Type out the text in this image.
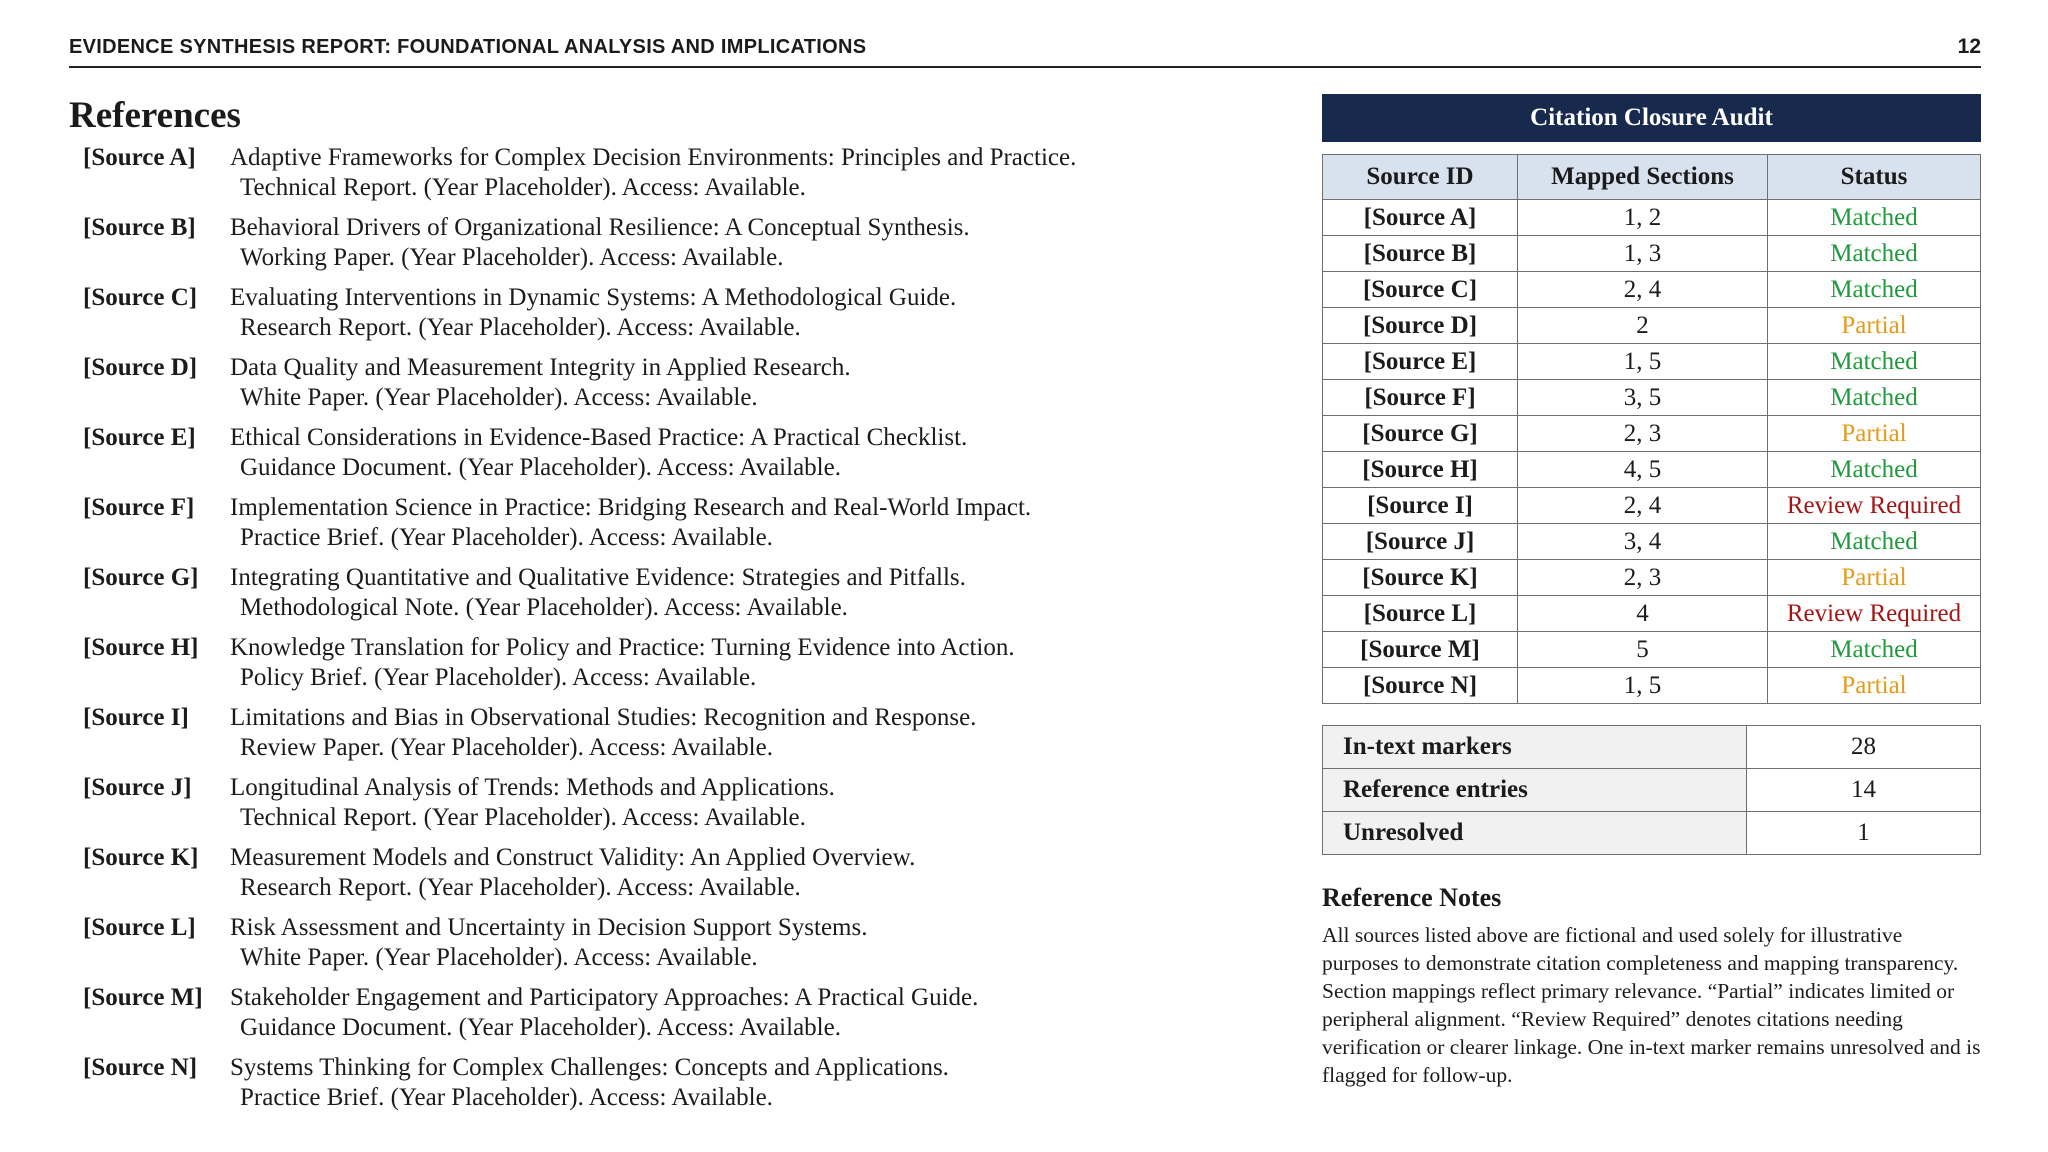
EVIDENCE SYNTHESIS REPORT: FOUNDATIONAL ANALYSIS AND IMPLICATIONS	12
References
[Source A]	Adaptive Frameworks for Complex Decision Environments: Principles and Practice.
Technical Report. (Year Placeholder). Access: Available.
[Source B]	Behavioral Drivers of Organizational Resilience: A Conceptual Synthesis.
Working Paper. (Year Placeholder). Access: Available.
[Source C]	Evaluating Interventions in Dynamic Systems: A Methodological Guide.
Research Report. (Year Placeholder). Access: Available.
[Source D]	Data Quality and Measurement Integrity in Applied Research.
White Paper. (Year Placeholder). Access: Available.
[Source E]	Ethical Considerations in Evidence-Based Practice: A Practical Checklist.
Guidance Document. (Year Placeholder). Access: Available.
[Source F]	Implementation Science in Practice: Bridging Research and Real-World Impact.
Practice Brief. (Year Placeholder). Access: Available.
[Source G]	Integrating Quantitative and Qualitative Evidence: Strategies and Pitfalls.
Methodological Note. (Year Placeholder). Access: Available.
[Source H]	Knowledge Translation for Policy and Practice: Turning Evidence into Action.
Policy Brief. (Year Placeholder). Access: Available.
[Source I]	Limitations and Bias in Observational Studies: Recognition and Response.
Review Paper. (Year Placeholder). Access: Available.
[Source J]	Longitudinal Analysis of Trends: Methods and Applications.
Technical Report. (Year Placeholder). Access: Available.
[Source K]	Measurement Models and Construct Validity: An Applied Overview.
Research Report. (Year Placeholder). Access: Available.
[Source L]	Risk Assessment and Uncertainty in Decision Support Systems.
White Paper. (Year Placeholder). Access: Available.
[Source M]	Stakeholder Engagement and Participatory Approaches: A Practical Guide.
Guidance Document. (Year Placeholder). Access: Available.
[Source N]	Systems Thinking for Complex Challenges: Concepts and Applications.
Practice Brief. (Year Placeholder). Access: Available.
Citation Closure Audit
Source ID	Mapped Sections	Status
[Source A]	1, 2	Matched
[Source B]	1, 3	Matched
[Source C]	2, 4	Matched
[Source D]	2	Partial
[Source E]	1, 5	Matched
[Source F]	3, 5	Matched
[Source G]	2, 3	Partial
[Source H]	4, 5	Matched
[Source I]	2, 4	Review Required
[Source J]	3, 4	Matched
[Source K]	2, 3	Partial
[Source L]	4	Review Required
[Source M]	5	Matched
[Source N]	1, 5	Partial
In-text markers	28
Reference entries	14
Unresolved	1
Reference Notes

All sources listed above are fictional and used solely for illustrative purposes to demonstrate citation completeness and mapping transparency. Section mappings reflect primary relevance. “Partial” indicates limited or peripheral alignment. “Review Required” denotes citations needing verification or clearer linkage. One in-text marker remains unresolved and is flagged for follow-up.
